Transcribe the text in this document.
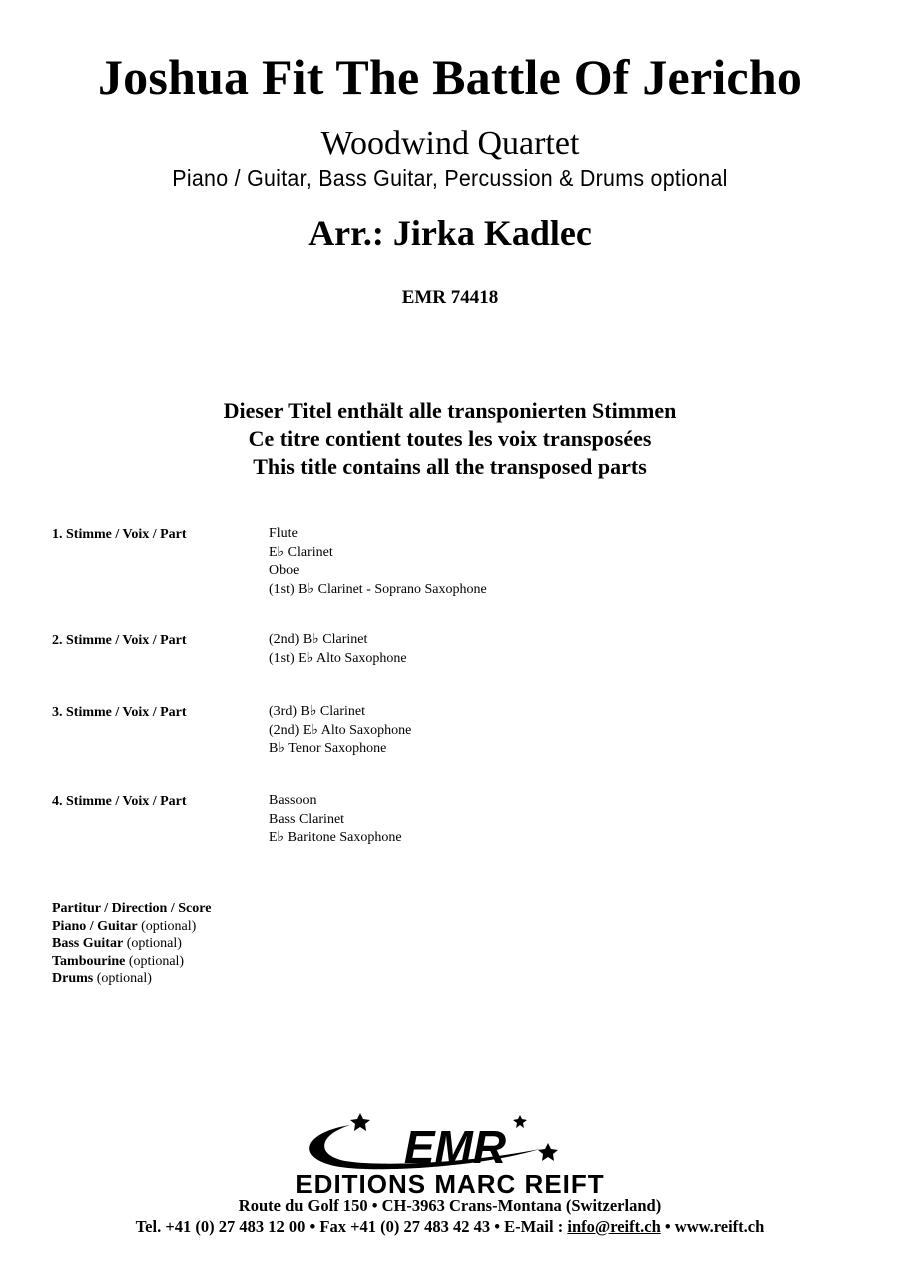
Joshua Fit The Battle Of Jericho
Woodwind Quartet
Piano / Guitar, Bass Guitar, Percussion & Drums optional
Arr.: Jirka Kadlec
EMR 74418
Dieser Titel enthält alle transponierten Stimmen
Ce titre contient toutes les voix transposées
This title contains all the transposed parts
1. Stimme / Voix / Part	Flute
E♭ Clarinet
Oboe
(1st) B♭ Clarinet - Soprano Saxophone
2. Stimme / Voix / Part	(2nd) B♭ Clarinet
(1st) E♭ Alto Saxophone
3. Stimme / Voix / Part	(3rd) B♭ Clarinet
(2nd) E♭ Alto Saxophone
B♭ Tenor Saxophone
4. Stimme / Voix / Part	Bassoon
Bass Clarinet
E♭ Baritone Saxophone
Partitur / Direction / Score
Piano / Guitar (optional)
Bass Guitar (optional)
Tambourine (optional)
Drums (optional)
EMR
EDITIONS MARC REIFT
Route du Golf 150 • CH-3963 Crans-Montana (Switzerland)
Tel. +41 (0) 27 483 12 00 • Fax +41 (0) 27 483 42 43 • E-Mail : info@reift.ch • www.reift.ch
